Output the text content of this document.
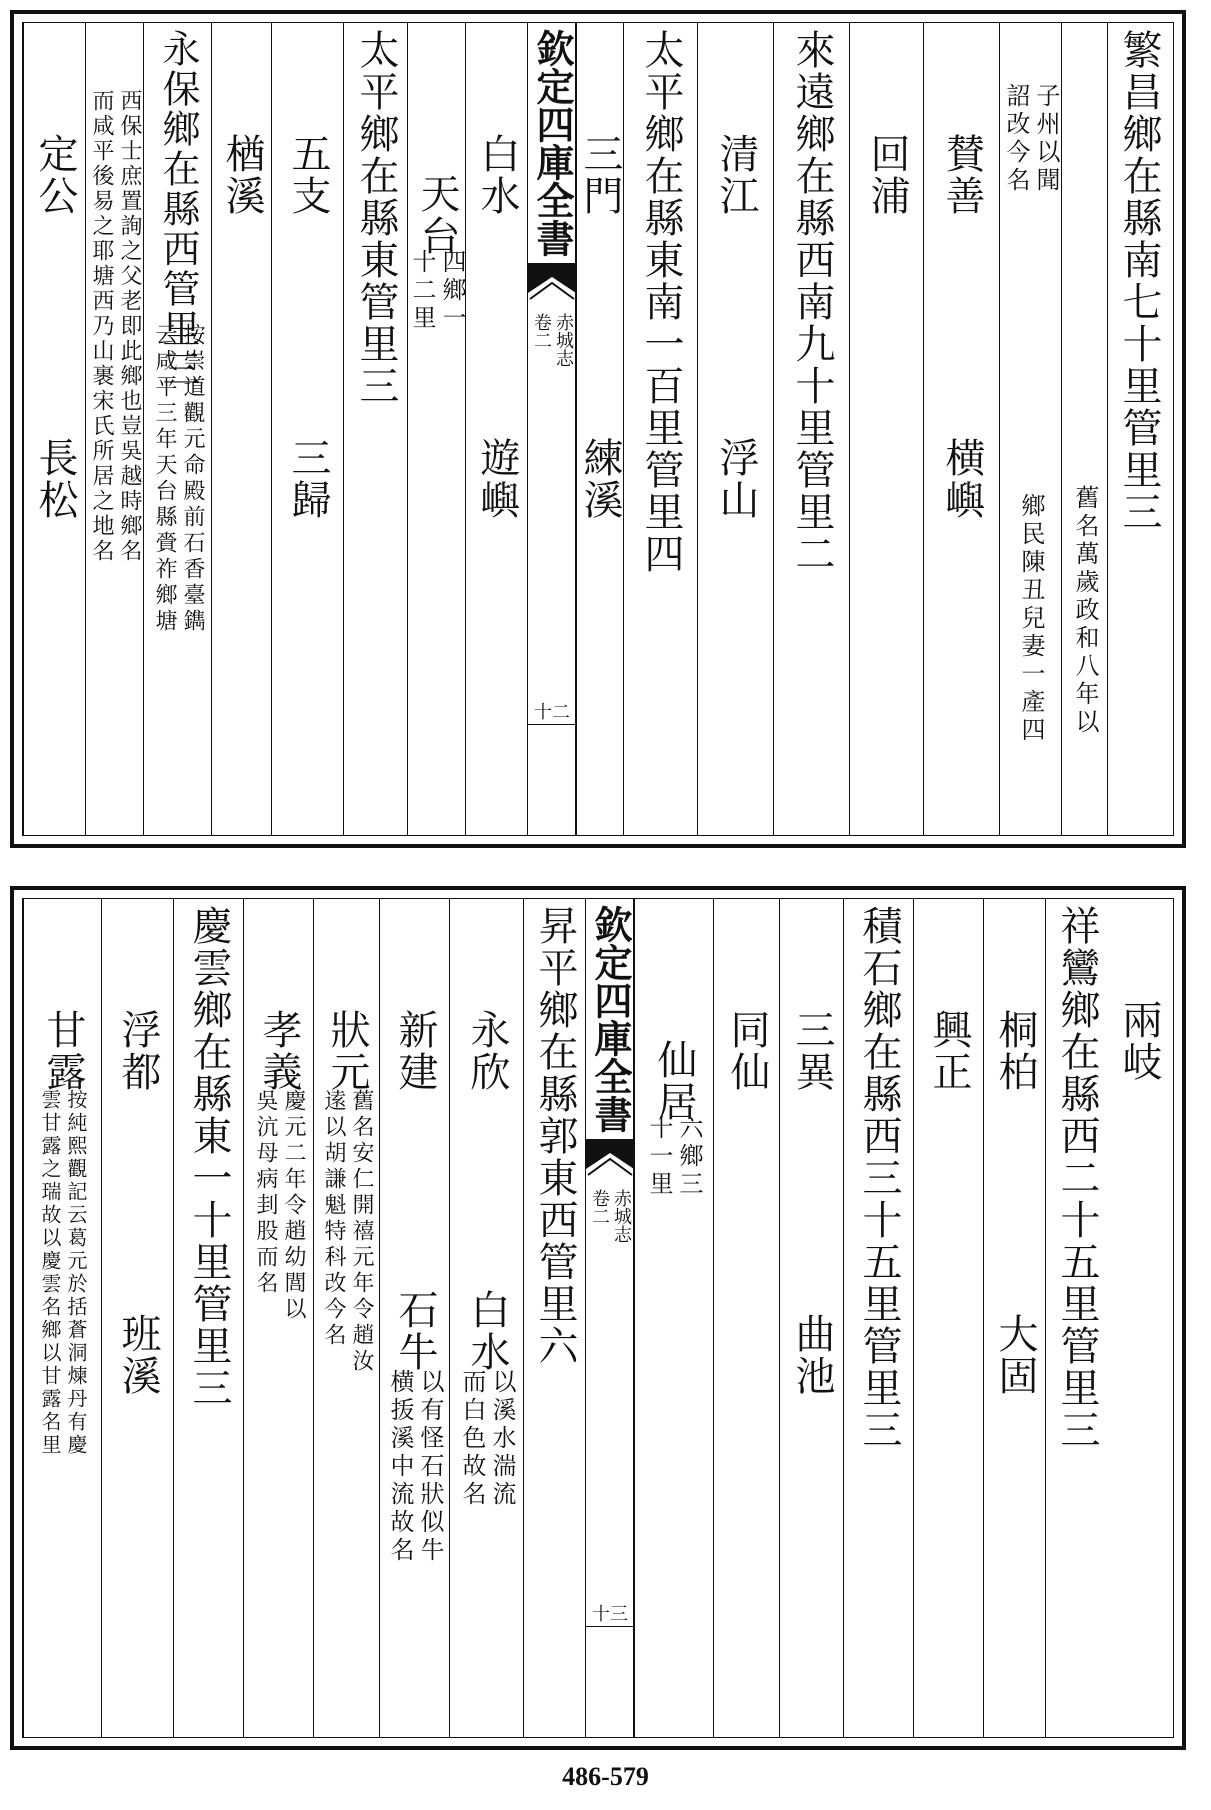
繁昌鄉在縣南七十里管里三
舊名萬歲政和八年以
子州以聞
詔改今名
鄉民陳丑兒妻一產四
賛善
横嶼
回浦
來遠鄉在縣西南九十里管里二
清江
浮山
太平鄉在縣東南一百里管里四
三門
練溪
欽定四庫全書
赤城志
卷二
十二
白水
遊嶼
天台
四鄉一
十二里
太平鄉在縣東管里三
五支
三歸
楢溪
永保鄉在縣西管里三
按崇道觀元命殿前石香臺鐫
云咸平三年天台縣賫祚鄉塘
西保士庶置詢之父老即此鄉也豈吳越時鄉名
而咸平後易之耶塘西乃山裹宋氏所居之地名
定公
長松
兩岐
祥鸞鄉在縣西二十五里管里三
桐柏
大固
興正
積石鄉在縣西三十五里管里三
三異
曲池
同仙
仙居
六鄉三
十一里
欽定四庫全書
赤城志
卷二
十三
昇平鄉在縣郭東西管里六
永欣
白水
以溪水湍流
而白色故名
新建
石牛
以有怪石狀似牛
横㧞溪中流故名
狀元
舊名安仁開禧元年令趙汝
逺以胡謙魁特科改今名
孝義
慶元二年令趙幼閭以
吳沆母病刲股而名
慶雲鄉在縣東一十里管里三
浮都
班溪
甘露
按純熙觀記云葛元於括蒼洞煉丹有慶
雲甘露之瑞故以慶雲名鄉以甘露名里
486-579
